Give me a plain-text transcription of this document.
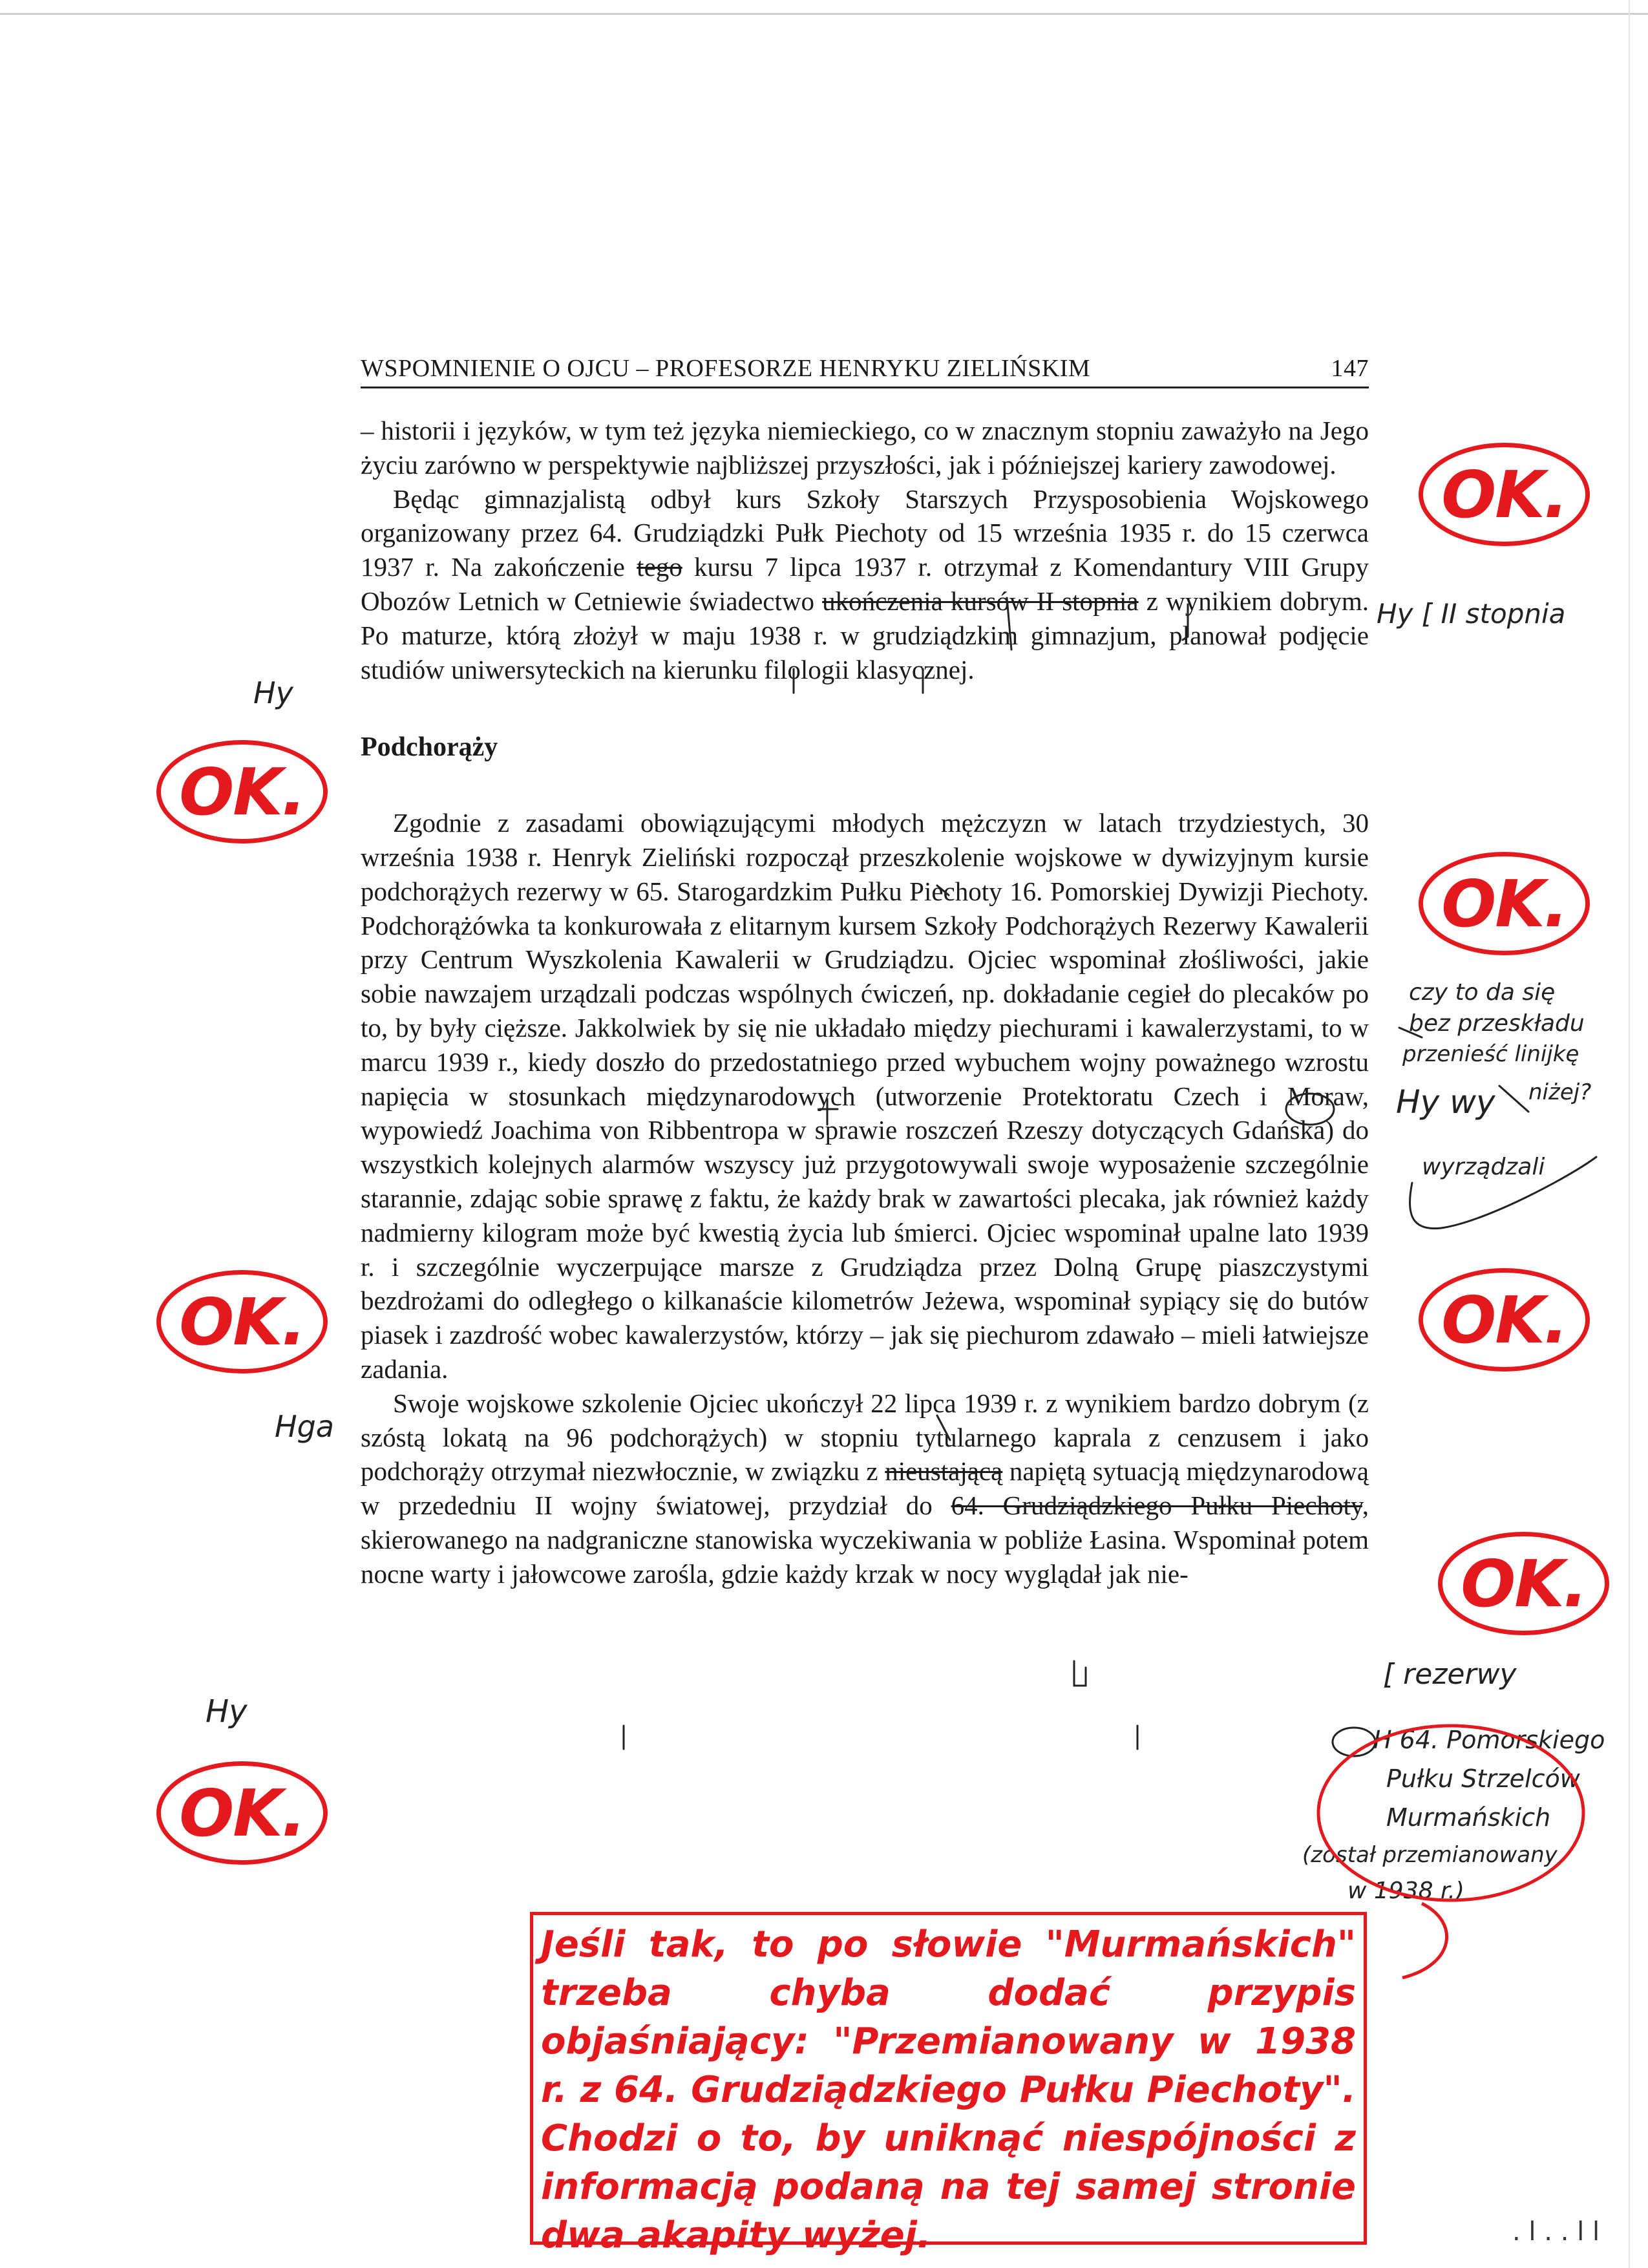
WSPOMNIENIE O OJCU – PROFESORZE HENRYKU ZIELIŃSKIM	147

– historii i języków, w tym też języka niemieckiego, co w znacznym stopniu zaważyło na Jego życiu zarówno w perspektywie najbliższej przyszłości, jak i późniejszej kariery zawodowej.

Będąc gimnazjalistą odbył kurs Szkoły Starszych Przysposobienia Wojskowego organizowany przez 64. Grudziądzki Pułk Piechoty od 15 września 1935 r. do 15 czerwca 1937 r. Na zakończenie tego kursu 7 lipca 1937 r. otrzymał z Komendantury VIII Grupy Obozów Letnich w Cetniewie świadectwo ukończenia kursów II stopnia z wynikiem dobrym. Po maturze, którą złożył w maju 1938 r. w grudziądzkim gimnazjum, planował podjęcie studiów uniwersyteckich na kierunku filologii klasycznej.

Podchorąży

Zgodnie z zasadami obowiązującymi młodych mężczyzn w latach trzydziestych, 30 września 1938 r. Henryk Zieliński rozpoczął przeszkolenie wojskowe w dywizyjnym kursie podchorążych rezerwy w 65. Starogardzkim Pułku Piechoty 16. Pomorskiej Dywizji Piechoty. Podchorążówka ta konkurowała z elitarnym kursem Szkoły Podchorążych Rezerwy Kawalerii przy Centrum Wyszkolenia Kawalerii w Grudziądzu. Ojciec wspominał złośliwości, jakie sobie nawzajem urządzali podczas wspólnych ćwiczeń, np. dokładanie cegieł do plecaków po to, by były cięższe. Jakkolwiek by się nie układało między piechurami i kawalerzystami, to w marcu 1939 r., kiedy doszło do przedostatniego przed wybuchem wojny poważnego wzrostu napięcia w stosunkach międzynarodowych (utworzenie Protektoratu Czech i Moraw, wypowiedź Joachima von Ribbentropa w sprawie roszczeń Rzeszy dotyczących Gdańska) do wszystkich kolejnych alarmów wszyscy już przygotowywali swoje wyposażenie szczególnie starannie, zdając sobie sprawę z faktu, że każdy brak w zawartości plecaka, jak również każdy nadmierny kilogram może być kwestią życia lub śmierci. Ojciec wspominał upalne lato 1939 r. i szczególnie wyczerpujące marsze z Grudziądza przez Dolną Grupę piaszczystymi bezdrożami do odległego o kilkanaście kilometrów Jeżewa, wspominał sypiący się do butów piasek i zazdrość wobec kawalerzystów, którzy – jak się piechurom zdawało – mieli łatwiejsze zadania.

Swoje wojskowe szkolenie Ojciec ukończył 22 lipca 1939 r. z wynikiem bardzo dobrym (z szóstą lokatą na 96 podchorążych) w stopniu tytularnego kaprala z cenzusem i jako podchorąży otrzymał niezwłocznie, w związku z nieustającą napiętą sytuacją międzynarodową w przededniu II wojny światowej, przydział do 64. Grudziądzkiego Pułku Piechoty, skierowanego na nadgraniczne stanowiska wyczekiwania w pobliże Łasina. Wspominał potem nocne warty i jałowcowe zarośla, gdzie każdy krzak w nocy wyglądał jak nie-

OK.
OK.
OK.
OK.	OK.
OK.
OK.
Hy
Hy [ II stopnia
czy to da się
bez przeskładu
przenieść linijkę
Hy wy niżej?
wyrządzali
Hga
[ rezerwy
Hy
H 64. Pomorskiego
Pułku Strzelców
Murmańskich
(został przemianowany
w 1938 r.)
Jeśli tak, to po słowie "Murmańskich" trzeba chyba dodać przypis objaśniający: "Przemianowany w 1938 r. z 64. Grudziądzkiego Pułku Piechoty". Chodzi o to, by uniknąć niespójności z informacją podaną na tej samej stronie dwa akapity wyżej.	. l . . l l
